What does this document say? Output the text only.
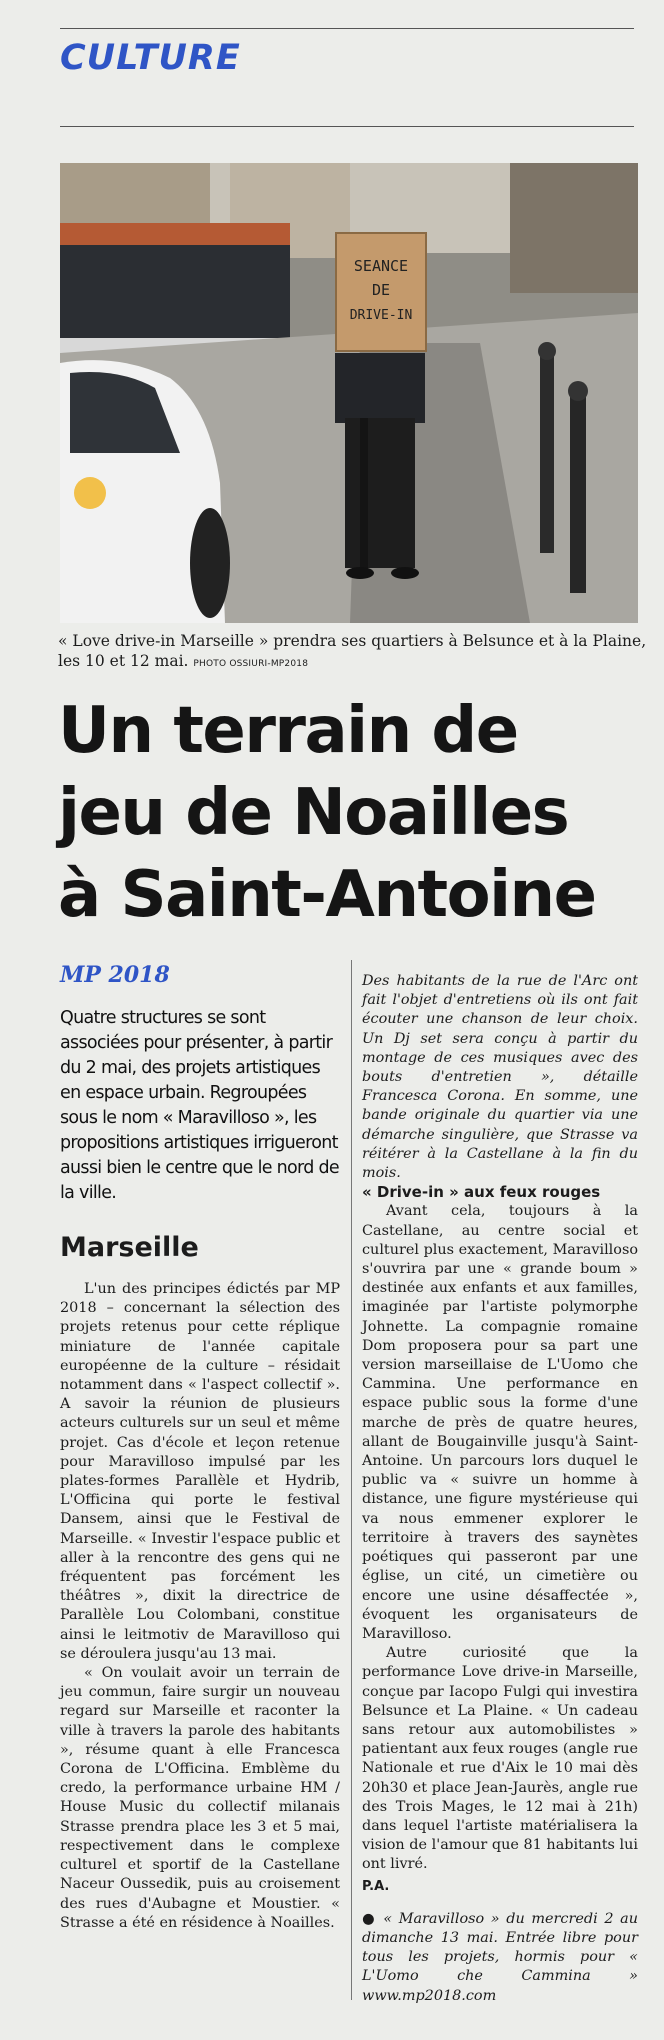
CULTURE
SEANCE
DE
DRIVE-IN
« Love drive-in Marseille » prendra ses quartiers à Belsunce et à la Plaine, les 10 et 12 mai. PHOTO OSSIURI-MP2018
Un terrain de
jeu de Noailles
à Saint-Antoine
MP 2018
Quatre structures se sont associées pour présenter, à partir du 2 mai, des projets artistiques en espace urbain. Regroupées sous le nom « Maravilloso », les propositions artistiques irrigueront aussi bien le centre que le nord de la ville.
Marseille

L'un des principes édictés par MP 2018 – concernant la sélection des projets retenus pour cette réplique miniature de l'année capitale européenne de la culture – résidait notamment dans « l'aspect collectif ». A savoir la réunion de plusieurs acteurs culturels sur un seul et même projet. Cas d'école et leçon retenue pour Maravilloso impulsé par les plates-formes Parallèle et Hydrib, L'Officina qui porte le festival Dansem, ainsi que le Festival de Marseille. « Investir l'espace public et aller à la rencontre des gens qui ne fréquentent pas forcément les théâtres », dixit la directrice de Parallèle Lou Colombani, constitue ainsi le leitmotiv de Maravilloso qui se déroulera jusqu'au 13 mai.

« On voulait avoir un terrain de jeu commun, faire surgir un nouveau regard sur Marseille et raconter la ville à travers la parole des habitants », résume quant à elle Francesca Corona de L'Officina. Emblème du credo, la performance urbaine HM / House Music du collectif milanais Strasse prendra place les 3 et 5 mai, respectivement dans le complexe culturel et sportif de la Castellane Naceur Oussedik, puis au croisement des rues d'Aubagne et Moustier. « Strasse a été en résidence à Noailles.

Des habitants de la rue de l'Arc ont fait l'objet d'entretiens où ils ont fait écouter une chanson de leur choix. Un Dj set sera conçu à partir du montage de ces musiques avec des bouts d'entretien », détaille Francesca Corona. En somme, une bande originale du quartier via une démarche singulière, que Strasse va réitérer à la Castellane à la fin du mois.

« Drive-in » aux feux rouges

Avant cela, toujours à la Castellane, au centre social et culturel plus exactement, Maravilloso s'ouvrira par une « grande boum » destinée aux enfants et aux familles, imaginée par l'artiste polymorphe Johnette. La compagnie romaine Dom proposera pour sa part une version marseillaise de L'Uomo che Cammina. Une performance en espace public sous la forme d'une marche de près de quatre heures, allant de Bougainville jusqu'à Saint-Antoine. Un parcours lors duquel le public va « suivre un homme à distance, une figure mystérieuse qui va nous emmener explorer le territoire à travers des saynètes poétiques qui passeront par une église, un cité, un cimetière ou encore une usine désaffectée », évoquent les organisateurs de Maravilloso.

Autre curiosité que la performance Love drive-in Marseille, conçue par Iacopo Fulgi qui investira Belsunce et La Plaine. « Un cadeau sans retour aux automobilistes » patientant aux feux rouges (angle rue Nationale et rue d'Aix le 10 mai dès 20h30 et place Jean-Jaurès, angle rue des Trois Mages, le 12 mai à 21h) dans lequel l'artiste matérialisera la vision de l'amour que 81 habitants lui ont livré.

P.A.

● « Maravilloso » du mercredi 2 au dimanche 13 mai. Entrée libre pour tous les projets, hormis pour « L'Uomo che Cammina » www.mp2018.com
